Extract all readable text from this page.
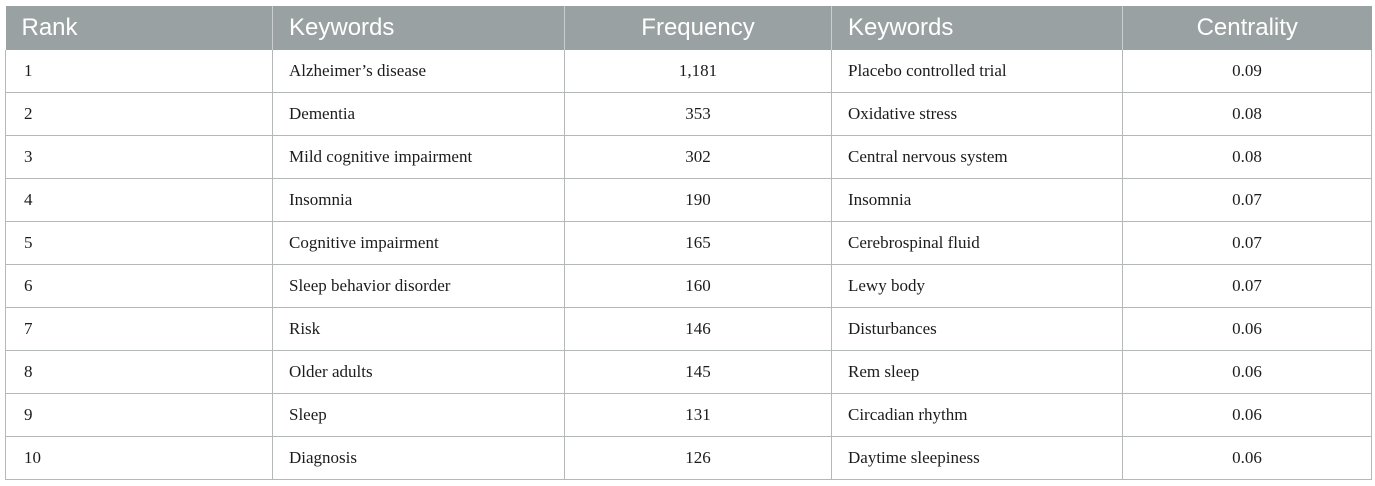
Rank	Keywords	Frequency	Keywords	Centrality
1	Alzheimer’s disease	1,181	Placebo controlled trial	0.09
2	Dementia	353	Oxidative stress	0.08
3	Mild cognitive impairment	302	Central nervous system	0.08
4	Insomnia	190	Insomnia	0.07
5	Cognitive impairment	165	Cerebrospinal fluid	0.07
6	Sleep behavior disorder	160	Lewy body	0.07
7	Risk	146	Disturbances	0.06
8	Older adults	145	Rem sleep	0.06
9	Sleep	131	Circadian rhythm	0.06
10	Diagnosis	126	Daytime sleepiness	0.06
